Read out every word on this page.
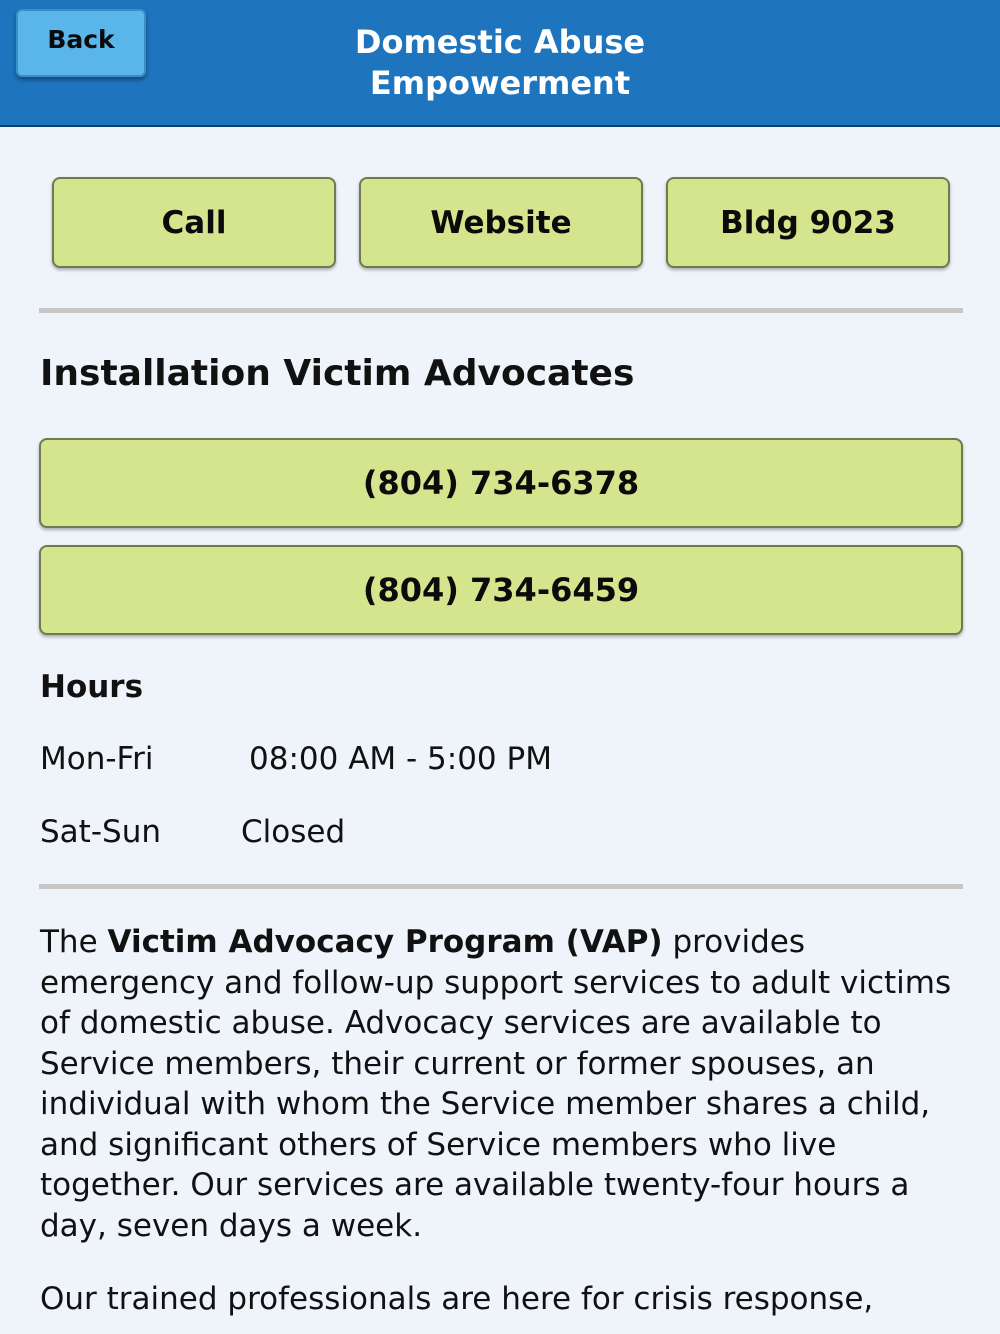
Back	Domestic Abuse
Empowerment
Call	Website	Bldg 9023
Installation Victim Advocates
(804) 734-6378
(804) 734-6459
Hours
Mon-Fri	08:00 AM - 5:00 PM
Sat-Sun	Closed
The Victim Advocacy Program (VAP) provides emergency and follow-up support services to adult victims of domestic abuse. Advocacy services are available to Service members, their current or former spouses, an individual with whom the Service member shares a child, and significant others of Service members who live together. Our services are available twenty-four hours a day, seven days a week.
Our trained professionals are here for crisis response,
